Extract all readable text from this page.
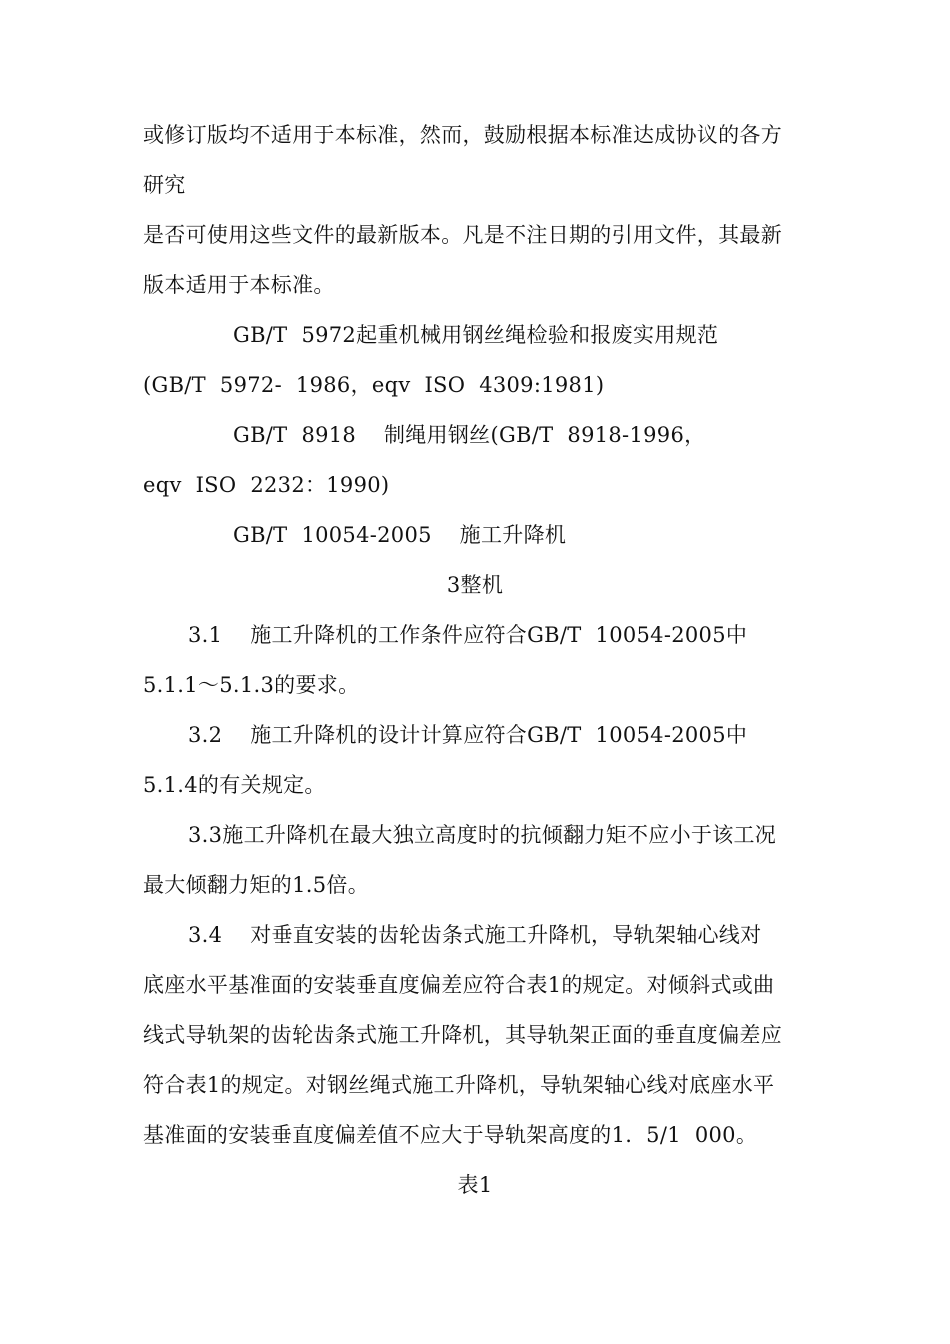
或修订版均不适用于本标准，然而，鼓励根据本标准达成协议的各方
研究
是否可使用这些文件的最新版本。凡是不注日期的引用文件，其最新
版本适用于本标准。
GB/T  5972起重机械用钢丝绳检验和报废实用规范
(GB/T  5972-  1986，eqv  ISO  4309:1981)
GB/T  8918    制绳用钢丝(GB/T  8918-1996，
eqv  ISO  2232：1990)
GB/T  10054-2005    施工升降机
3整机
3.1    施工升降机的工作条件应符合GB/T  10054-2005中
5.1.1～5.1.3的要求。
3.2    施工升降机的设计计算应符合GB/T  10054-2005中
5.1.4的有关规定。
3.3施工升降机在最大独立高度时的抗倾翻力矩不应小于该工况
最大倾翻力矩的1.5倍。
3.4    对垂直安装的齿轮齿条式施工升降机，导轨架轴心线对
底座水平基准面的安装垂直度偏差应符合表1的规定。对倾斜式或曲
线式导轨架的齿轮齿条式施工升降机，其导轨架正面的垂直度偏差应
符合表1的规定。对钢丝绳式施工升降机，导轨架轴心线对底座水平
基准面的安装垂直度偏差值不应大于导轨架高度的1.  5/1  000。
表1
